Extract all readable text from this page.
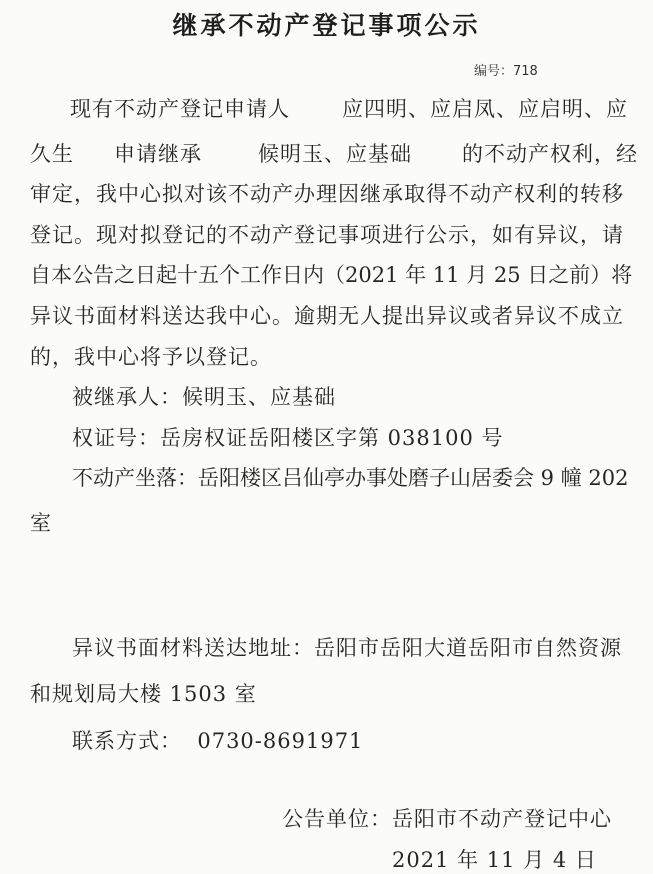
继承不动产登记事项公示
编号：718
现有不动产登记申请人 应四明、应启凤、应启明、应
久生 申请继承	候明玉、应基础 的不动产权利，经
审定，我中心拟对该不动产办理因继承取得不动产权利的转移
登记。现对拟登记的不动产登记事项进行公示，如有异议，请
自本公告之日起十五个工作日内（2021 年 11 月 25 日之前）将
异议书面材料送达我中心。逾期无人提出异议或者异议不成立
的，我中心将予以登记。
被继承人：候明玉、应基础
权证号：岳房权证岳阳楼区字第 038100 号
不动产坐落：岳阳楼区吕仙亭办事处磨子山居委会 9 幢 202
室
异议书面材料送达地址：岳阳市岳阳大道岳阳市自然资源
和规划局大楼 1503 室
联系方式：  0730-8691971
公告单位：岳阳市不动产登记中心
2021 年 11 月 4 日
